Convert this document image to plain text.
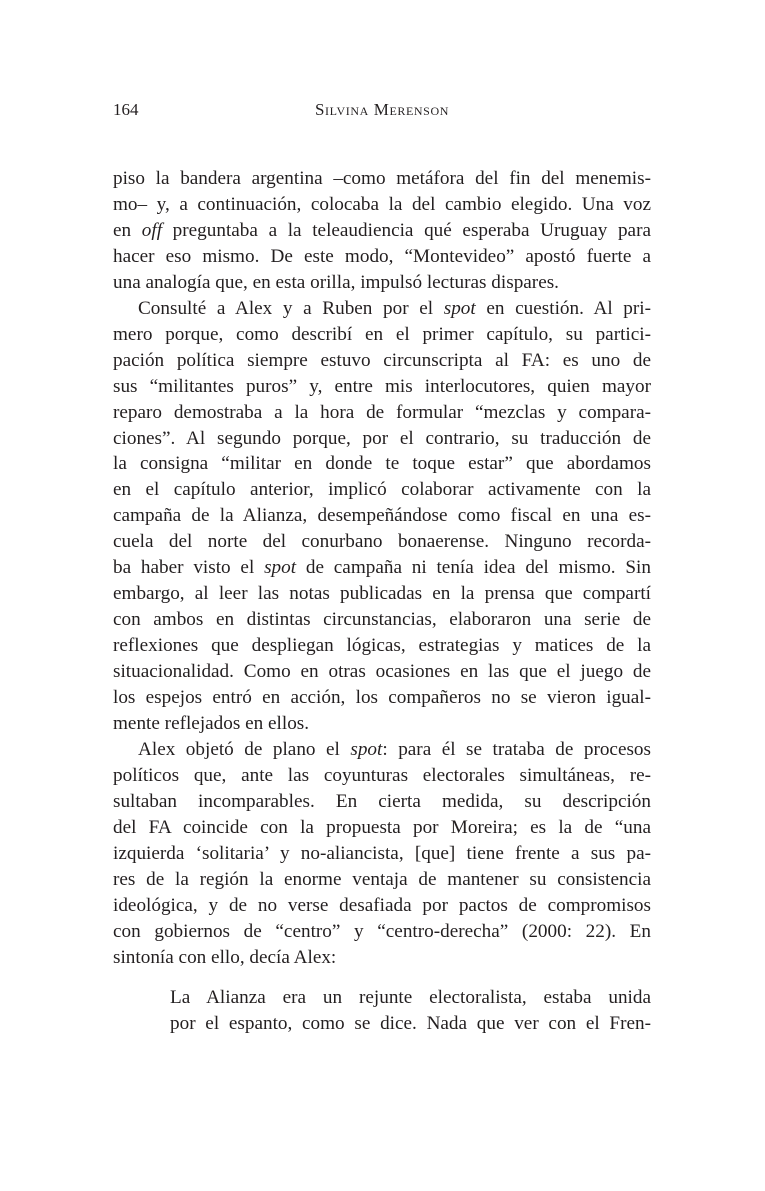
164	Silvina Merenson
piso la bandera argentina –como metáfora del fin del menemis-
mo– y, a continuación, colocaba la del cambio elegido. Una voz
en off preguntaba a la teleaudiencia qué esperaba Uruguay para
hacer eso mismo. De este modo, “Montevideo” apostó fuerte a
una analogía que, en esta orilla, impulsó lecturas dispares.
Consulté a Alex y a Ruben por el spot en cuestión. Al pri-
mero porque, como describí en el primer capítulo, su partici-
pación política siempre estuvo circunscripta al FA: es uno de
sus “militantes puros” y, entre mis interlocutores, quien mayor
reparo demostraba a la hora de formular “mezclas y compara-
ciones”. Al segundo porque, por el contrario, su traducción de
la consigna “militar en donde te toque estar” que abordamos
en el capítulo anterior, implicó colaborar activamente con la
campaña de la Alianza, desempeñándose como fiscal en una es-
cuela del norte del conurbano bonaerense. Ninguno recorda-
ba haber visto el spot de campaña ni tenía idea del mismo. Sin
embargo, al leer las notas publicadas en la prensa que compartí
con ambos en distintas circunstancias, elaboraron una serie de
reflexiones que despliegan lógicas, estrategias y matices de la
situacionalidad. Como en otras ocasiones en las que el juego de
los espejos entró en acción, los compañeros no se vieron igual-
mente reflejados en ellos.
Alex objetó de plano el spot: para él se trataba de procesos
políticos que, ante las coyunturas electorales simultáneas, re-
sultaban incomparables. En cierta medida, su descripción
del FA coincide con la propuesta por Moreira; es la de “una
izquierda ‘solitaria’ y no-aliancista, [que] tiene frente a sus pa-
res de la región la enorme ventaja de mantener su consistencia
ideológica, y de no verse desafiada por pactos de compromisos
con gobiernos de “centro” y “centro-derecha” (2000: 22). En
sintonía con ello, decía Alex:
La Alianza era un rejunte electoralista, estaba unida
por el espanto, como se dice. Nada que ver con el Fren-
